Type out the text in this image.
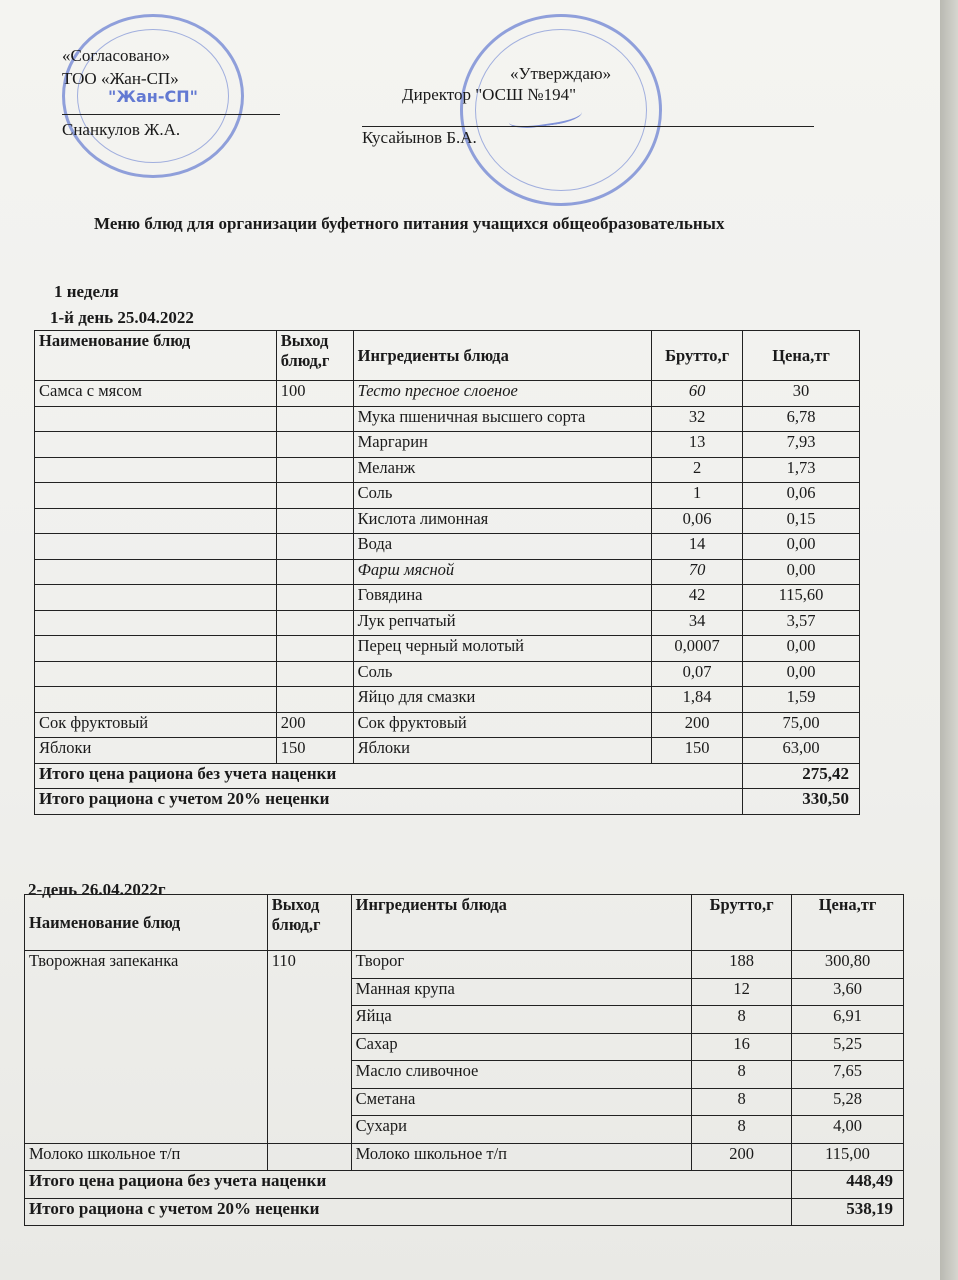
"Жан-СП"
«Согласовано»
ТОО «Жан-СП»
Снанкулов Ж.А.
«Утверждаю»
Директор "ОСШ №194"
Кусайынов Б.А.
Меню блюд для организации буфетного питания учащихся общеобразовательных
1 неделя
1-й день 25.04.2022
Наименование блюд	Выход блюд,г	Ингредиенты блюда	Брутто,г	Цена,тг
Самса с мясом	100	Тесто пресное слоеное	60	30
		Мука пшеничная высшего сорта	32	6,78
		Маргарин	13	7,93
		Меланж	2	1,73
		Соль	1	0,06
		Кислота лимонная	0,06	0,15
		Вода	14	0,00
		Фарш мясной	70	0,00
		Говядина	42	115,60
		Лук репчатый	34	3,57
		Перец черный молотый	0,0007	0,00
		Соль	0,07	0,00
		Яйцо для смазки	1,84	1,59
Сок фруктовый	200	Сок фруктовый	200	75,00
Яблоки	150	Яблоки	150	63,00
Итого цена рациона без учета наценки				275,42
Итого рациона с учетом 20% неценки				330,50
2-день 26.04.2022г
Наименование блюд	Выход блюд,г	Ингредиенты блюда	Брутто,г	Цена,тг
Творожная запеканка	110	Творог	188	300,80
		Манная крупа	12	3,60
		Яйца	8	6,91
		Сахар	16	5,25
		Масло сливочное	8	7,65
		Сметана	8	5,28
		Сухари	8	4,00
Молоко школьное т/п		Молоко школьное т/п	200	115,00
Итого цена рациона без учета наценки				448,49
Итого рациона с учетом 20% неценки				538,19
